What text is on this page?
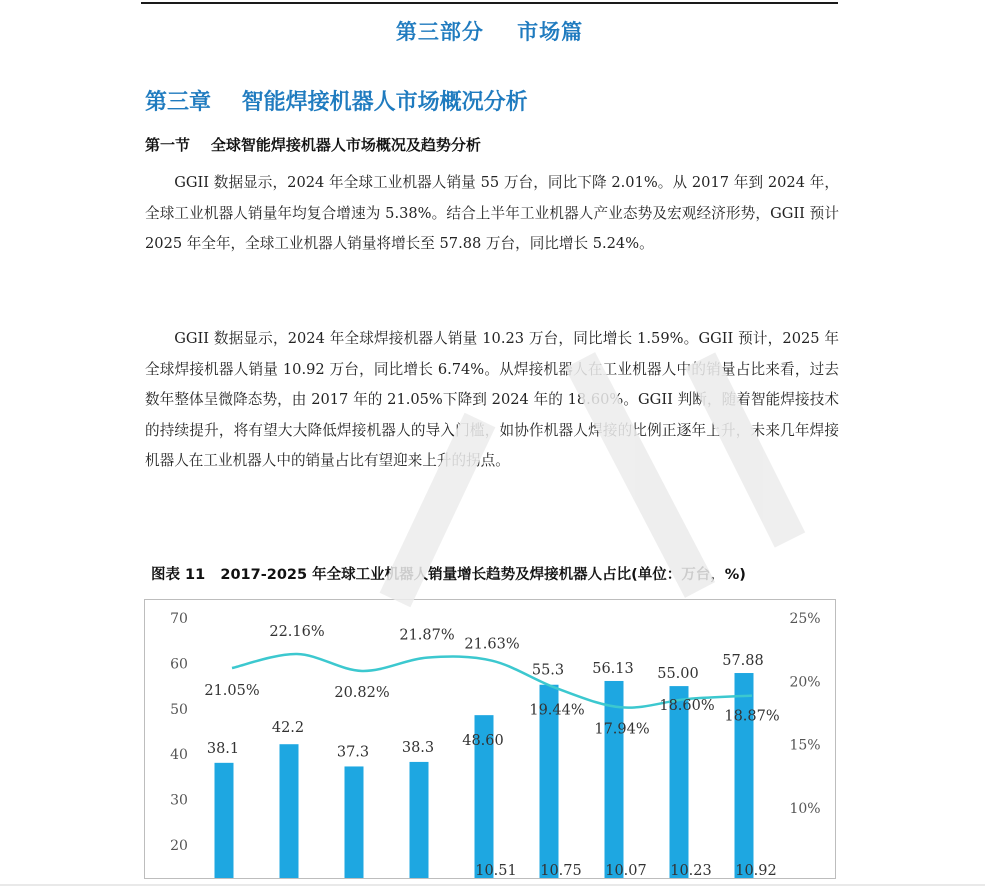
第三部分    市场篇
第三章    智能焊接机器人市场概况分析
第一节    全球智能焊接机器人市场概况及趋势分析

GGII 数据显示，2024 年全球工业机器人销量 55 万台，同比下降 2.01%。从 2017 年到 2024 年，全球工业机器人销量年均复合增速为 5.38%。结合上半年工业机器人产业态势及宏观经济形势，GGII 预计 2025 年全年，全球工业机器人销量将增长至 57.88 万台，同比增长 5.24%。

GGII 数据显示，2024 年全球焊接机器人销量 10.23 万台，同比增长 1.59%。GGII 预计，2025 年全球焊接机器人销量 10.92 万台，同比增长 6.74%。从焊接机器人在工业机器人中的销量占比来看，过去数年整体呈微降态势，由 2017 年的 21.05%下降到 2024 年的 18.60%。GGII 判断，随着智能焊接技术的持续提升，将有望大大降低焊接机器人的导入门槛，如协作机器人焊接的比例正逐年上升，未来几年焊接机器人在工业机器人中的销量占比有望迎来上升的拐点。

图表 11   2017-2025 年全球工业机器人销量增长趋势及焊接机器人占比(单位：万台，%)
70
60
50
40
30
20
25%
20%
15%
10%
38.1
42.2
37.3 38.3 48.60
55.3 56.13 55.00
57.88
21.05%
22.16%
20.82%
21.87%
21.63%
19.44%
17.94%
18.60%
18.87%
10.51 10.75 10.07 10.23 10.92
